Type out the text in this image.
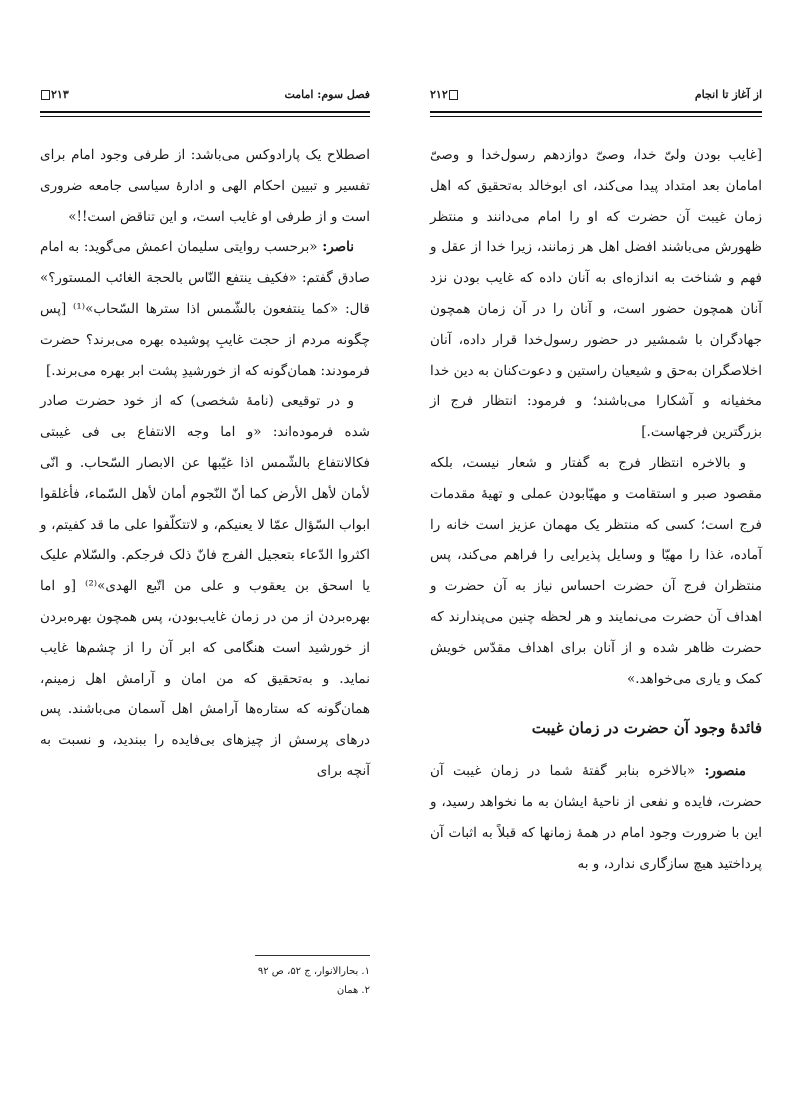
فصل سوم: امامت
۲۱۳

اصطلاح یک پارادوکس می‌باشد: از طرفی وجود امام برای تفسیر و تبیین احکام الهی و ادارهٔ سیاسی جامعه ضروری است و از طرفی او غایب است، و این تناقض است!!»

ناصر: «برحسب روایتی سلیمان اعمش می‌گوید: به امام صادق گفتم: «فکیف ینتفع النّاس بالحجة الغائب المستور؟» قال: «کما ینتفعون بالشّمس اذا سترها السّحاب»⁽¹⁾ [پس چگونه مردم از حجت غایبِ پوشیده بهره می‌برند؟ حضرت فرمودند: همان‌گونه که از خورشیدِ پشت ابر بهره می‌برند.]

و در توقیعی (نامهٔ شخصی) که از خود حضرت صادر شده فرموده‌اند: «و اما وجه الانتفاع بی فی غیبتی فکالانتفاع بالشّمس اذا غیّبها عن الابصار السّحاب. و انّی لأمان لأهل الأرض کما أنّ النّجوم أمان لأهل السّماء، فأغلقوا ابواب السّؤال عمّا لا یعنیکم، و لاتتکلّفوا علی ما قد کفیتم، و اکثروا الدّعاء بتعجیل الفرج فانّ ذلک فرجکم. والسّلام علیک یا اسحق بن یعقوب و علی من اتّبع الهدی»⁽²⁾ [و اما بهره‌بردن از من در زمان غایب‌بودن، پس همچون بهره‌بردن از خورشید است هنگامی که ابر آن را از چشم‌ها غایب نماید. و به‌تحقیق که من امان و آرامش اهل زمینم، همان‌گونه که ستاره‌ها آرامش اهل آسمان می‌باشند. پس درهای پرسش از چیزهای بی‌فایده را ببندید، و نسبت به آنچه برای

۱. بحارالانوار، ج ۵۲، ص ۹۲
۲. همان
از آغاز تا انجام
۲۱۲

[غایب بودن ولیّ خدا، وصیّ دوازدهم رسول‌خدا و وصیّ امامان بعد امتداد پیدا می‌کند، ای ابوخالد به‌تحقیق که اهل زمان غیبت آن حضرت که او را امام می‌دانند و منتظر ظهورش می‌باشند افضل اهل هر زمانند، زیرا خدا از عقل و فهم و شناخت به اندازه‌ای به آنان داده که غایب بودن نزد آنان همچون حضور است، و آنان را در آن زمان همچون جهادگران با شمشیر در حضور رسول‌خدا قرار داده، آنان اخلاصگران به‌حق و شیعیان راستین و دعوت‌کنان به دین خدا مخفیانه و آشکارا می‌باشند؛ و فرمود: انتظار فرج از بزرگترین فرجهاست.]

و بالاخره انتظار فرج به گفتار و شعار نیست، بلکه مقصود صبر و استقامت و مهیّابودن عملی و تهیهٔ مقدمات فرج است؛ کسی که منتظر یک مهمان عزیز است خانه را آماده، غذا را مهیّا و وسایل پذیرایی را فراهم می‌کند، پس منتظران فرج آن حضرت احساس نیاز به آن حضرت و اهداف آن حضرت می‌نمایند و هر لحظه چنین می‌پندارند که حضرت ظاهر شده و از آنان برای اهداف مقدّس خویش کمک و یاری می‌خواهد.»

فائدهٔ وجود آن حضرت در زمان غیبت

منصور: «بالاخره بنابر گفتهٔ شما در زمان غیبت آن حضرت، فایده و نفعی از ناحیهٔ ایشان به ما نخواهد رسید، و این با ضرورت وجود امام در همهٔ زمانها که قبلاً به اثبات آن پرداختید هیچ سازگاری ندارد، و به
